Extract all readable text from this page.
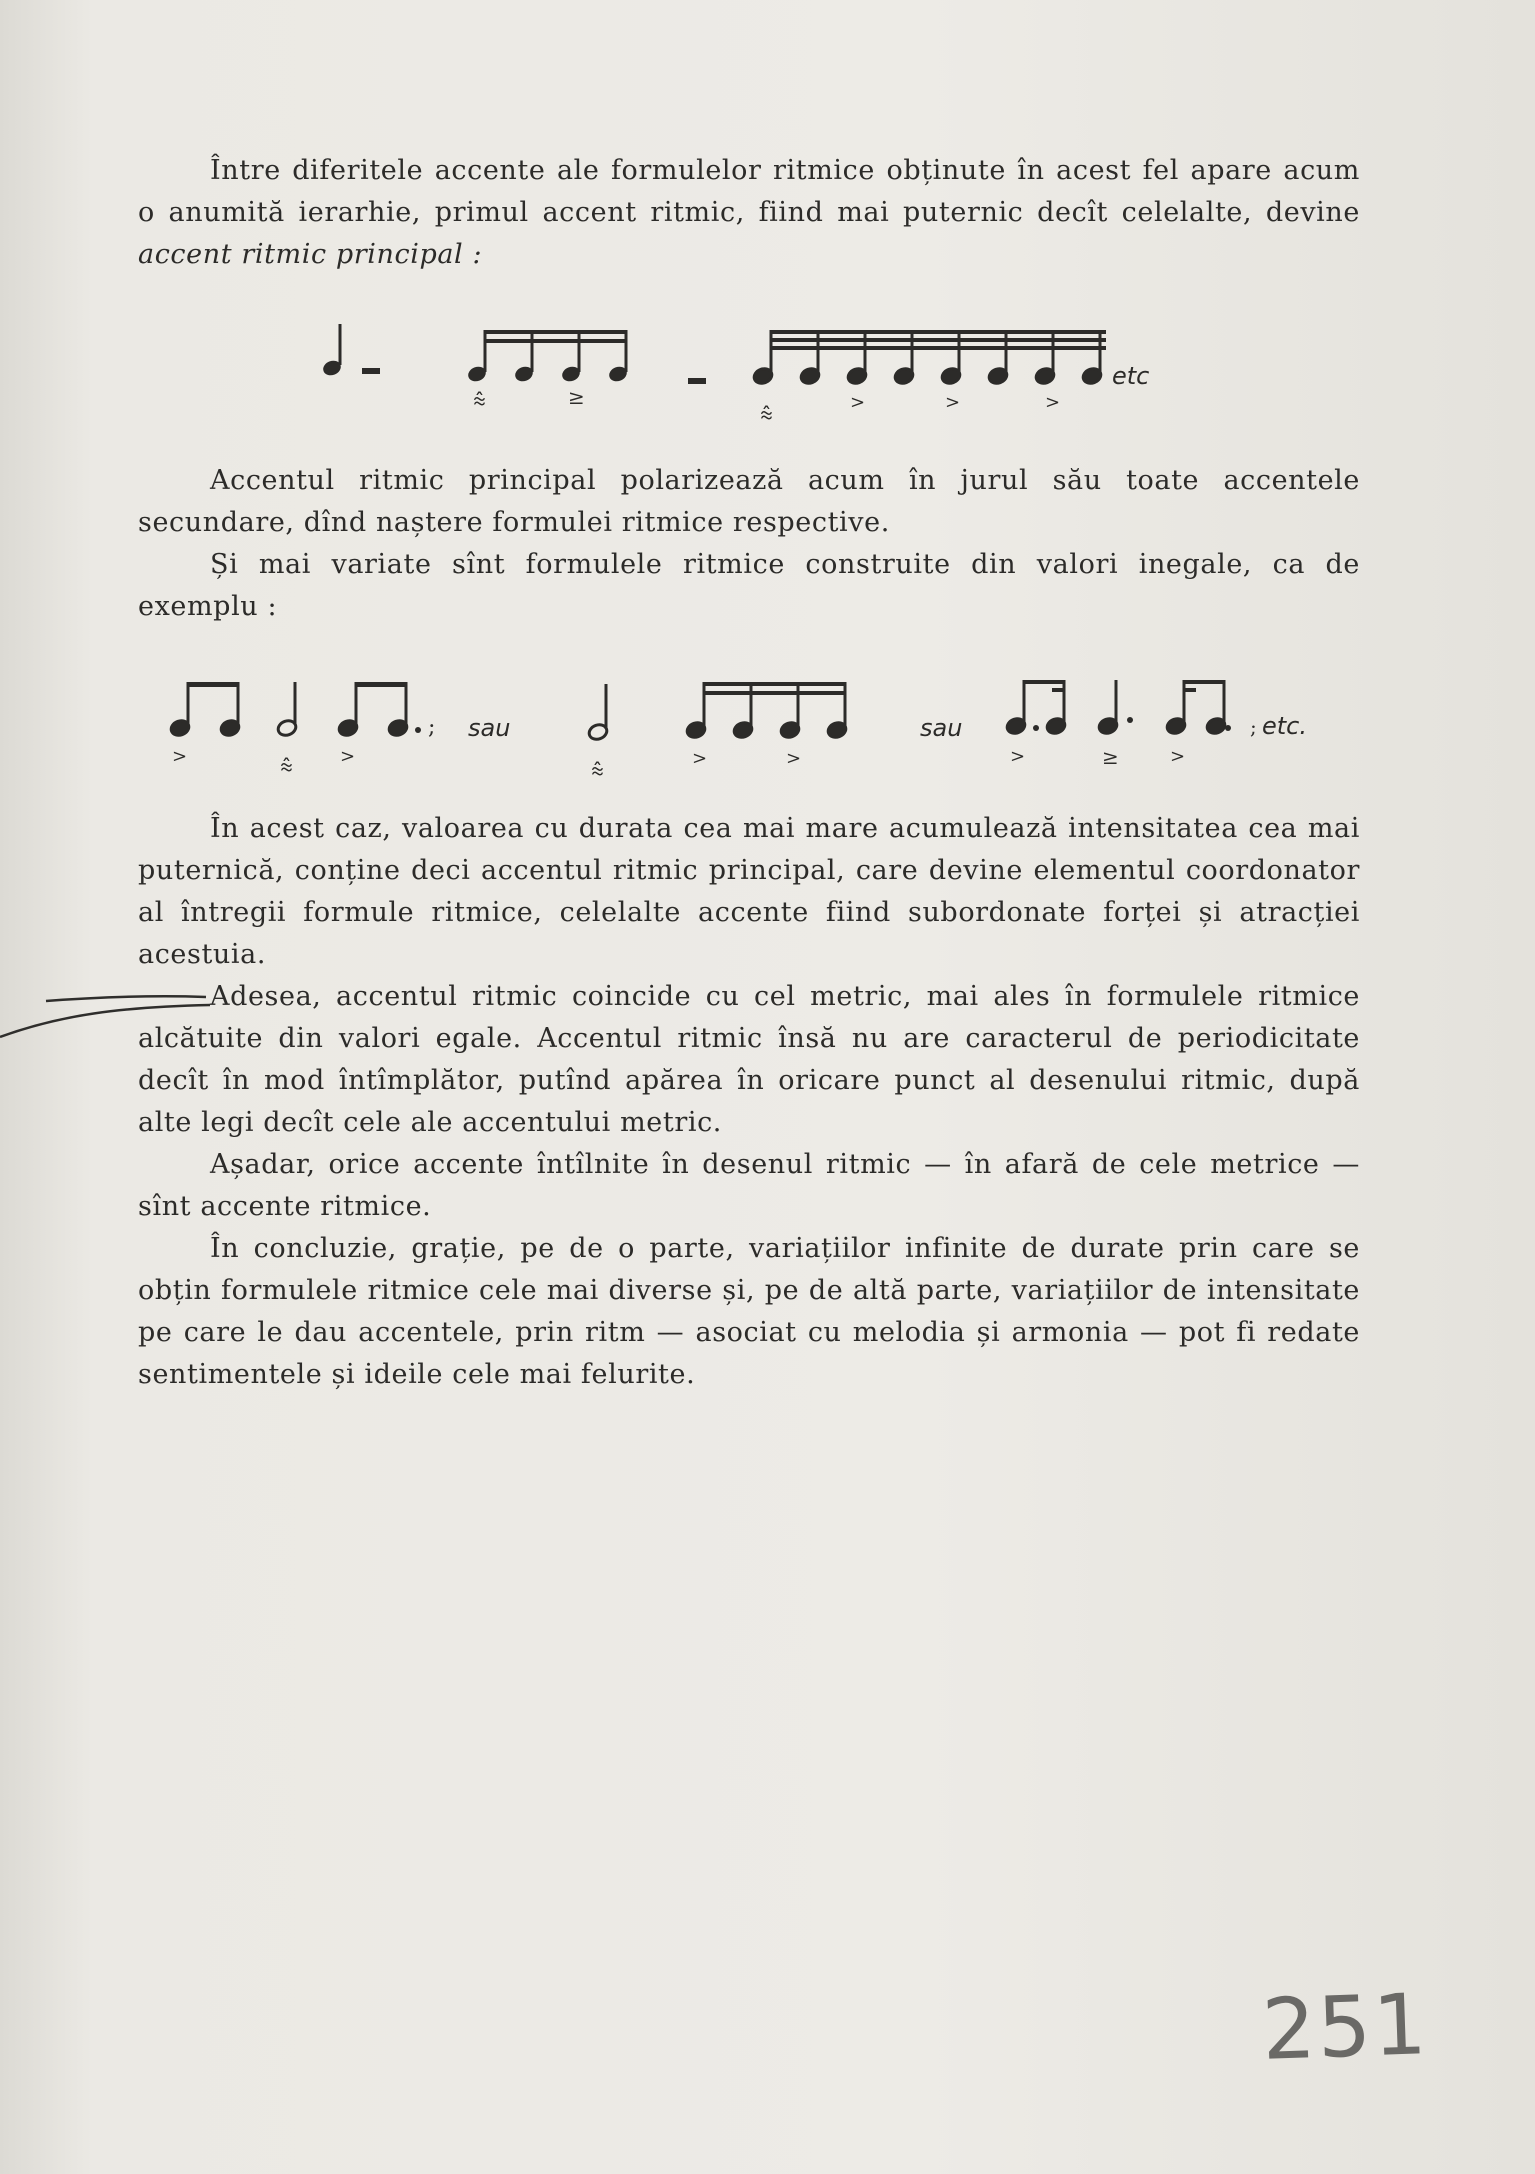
Între diferitele accente ale formulelor ritmice obținute în acest fel apare acum o anumită ierarhie, primul accent ritmic, fiind mai puternic decît celelalte, devine accent ritmic principal :

⩯	≥
⩯
>	>	>
etc

Accentul ritmic principal polarizează acum în jurul său toate accentele secundare, dînd naștere formulei ritmice respective.

Și mai variate sînt formulele ritmice construite din valori inegale, ca de exemplu :

>	⩯
;
>
sau
⩯
>	>
sau
>	≥	>
; etc.

În acest caz, valoarea cu durata cea mai mare acumulează intensitatea cea mai puternică, conține deci accentul ritmic principal, care devine elementul coordonator al întregii formule ritmice, celelalte accente fiind subordonate forței și atracției acestuia.

Adesea, accentul ritmic coincide cu cel metric, mai ales în formulele ritmice alcătuite din valori egale. Accentul ritmic însă nu are caracterul de periodicitate decît în mod întîmplător, putînd apărea în oricare punct al desenului ritmic, după alte legi decît cele ale accentului metric.

Așadar, orice accente întîlnite în desenul ritmic — în afară de cele metrice — sînt accente ritmice.

În concluzie, grație, pe de o parte, variațiilor infinite de durate prin care se obțin formulele ritmice cele mai diverse și, pe de altă parte, variațiilor de intensitate pe care le dau accentele, prin ritm — asociat cu melodia și armonia — pot fi redate sentimentele și ideile cele mai felurite.

251
